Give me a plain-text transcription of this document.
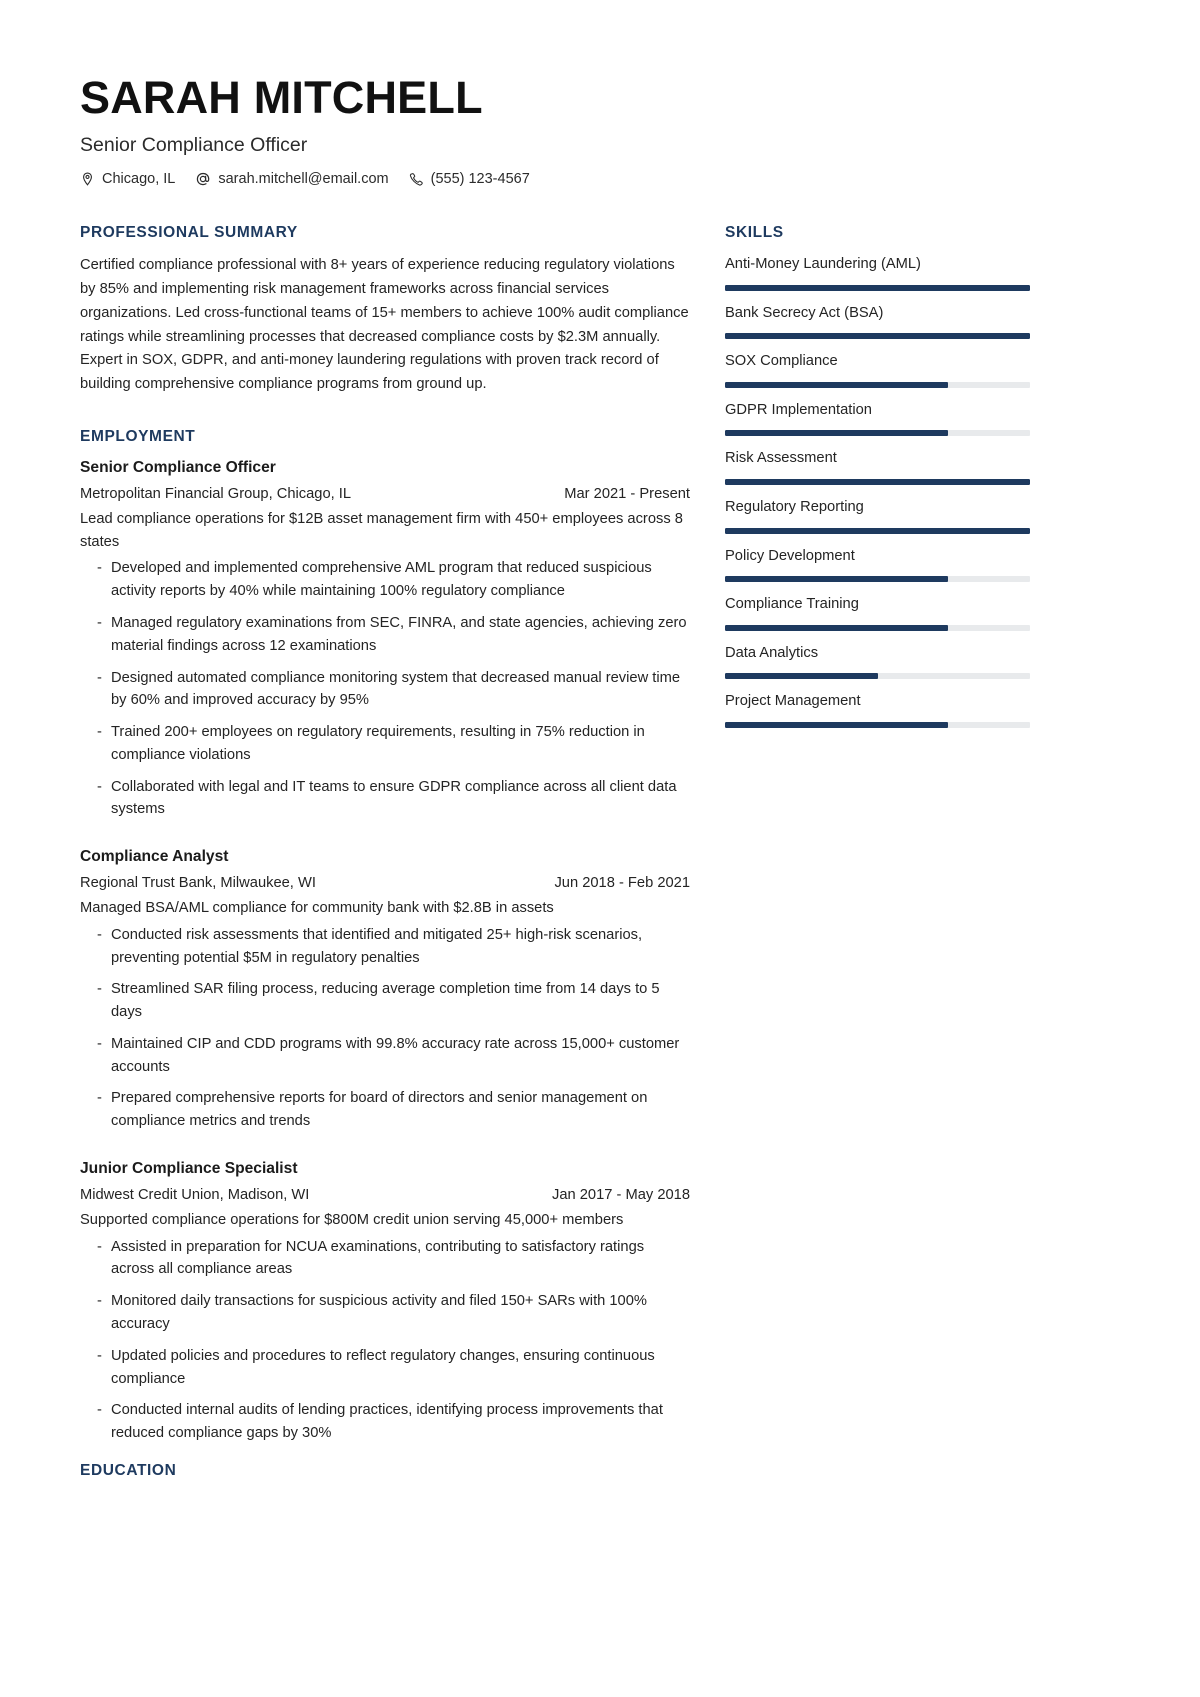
SARAH MITCHELL
Senior Compliance Officer
Chicago, IL	sarah.mitchell@email.com	(555) 123-4567
PROFESSIONAL SUMMARY

Certified compliance professional with 8+ years of experience reducing regulatory violations by 85% and implementing risk management frameworks across financial services organizations. Led cross-functional teams of 15+ members to achieve 100% audit compliance ratings while streamlining processes that decreased compliance costs by $2.3M annually. Expert in SOX, GDPR, and anti-money laundering regulations with proven track record of building comprehensive compliance programs from ground up.

EMPLOYMENT
Senior Compliance Officer
Metropolitan Financial Group, Chicago, IL	Mar 2021 - Present
Lead compliance operations for $12B asset management firm with 450+ employees across 8 states
- Developed and implemented comprehensive AML program that reduced suspicious activity reports by 40% while maintaining 100% regulatory compliance
- Managed regulatory examinations from SEC, FINRA, and state agencies, achieving zero material findings across 12 examinations
- Designed automated compliance monitoring system that decreased manual review time by 60% and improved accuracy by 95%
- Trained 200+ employees on regulatory requirements, resulting in 75% reduction in compliance violations
- Collaborated with legal and IT teams to ensure GDPR compliance across all client data systems
Compliance Analyst
Regional Trust Bank, Milwaukee, WI	Jun 2018 - Feb 2021
Managed BSA/AML compliance for community bank with $2.8B in assets
- Conducted risk assessments that identified and mitigated 25+ high-risk scenarios, preventing potential $5M in regulatory penalties
- Streamlined SAR filing process, reducing average completion time from 14 days to 5 days
- Maintained CIP and CDD programs with 99.8% accuracy rate across 15,000+ customer accounts
- Prepared comprehensive reports for board of directors and senior management on compliance metrics and trends
Junior Compliance Specialist
Midwest Credit Union, Madison, WI	Jan 2017 - May 2018
Supported compliance operations for $800M credit union serving 45,000+ members
- Assisted in preparation for NCUA examinations, contributing to satisfactory ratings across all compliance areas
- Monitored daily transactions for suspicious activity and filed 150+ SARs with 100% accuracy
- Updated policies and procedures to reflect regulatory changes, ensuring continuous compliance
- Conducted internal audits of lending practices, identifying process improvements that reduced compliance gaps by 30%
SKILLS
Anti-Money Laundering (AML)
Bank Secrecy Act (BSA)
SOX Compliance
GDPR Implementation
Risk Assessment
Regulatory Reporting
Policy Development
Compliance Training
Data Analytics
Project Management
EDUCATION
